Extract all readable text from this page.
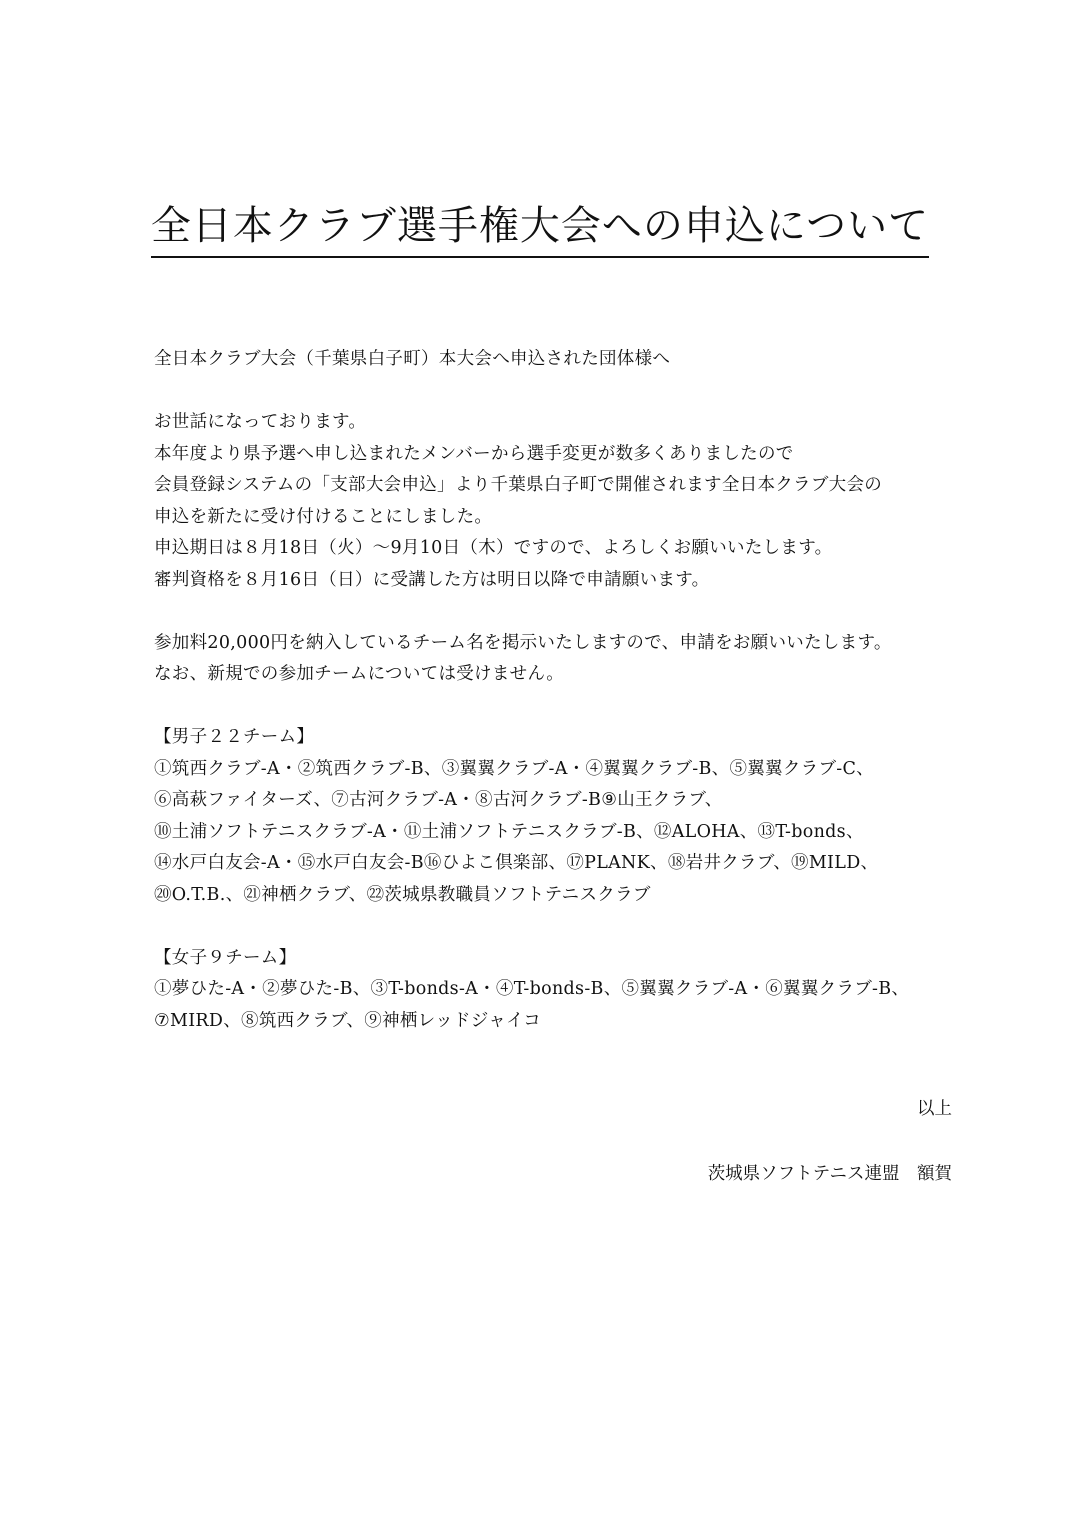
全日本クラブ選手権大会への申込について

全日本クラブ大会（千葉県白子町）本大会へ申込された団体様へ

お世話になっております。

本年度より県予選へ申し込まれたメンバーから選手変更が数多くありましたので

会員登録システムの「支部大会申込」より千葉県白子町で開催されます全日本クラブ大会の

申込を新たに受け付けることにしました。

申込期日は８月18日（火）～9月10日（木）ですので、よろしくお願いいたします。

審判資格を８月16日（日）に受講した方は明日以降で申請願います。

参加料20,000円を納入しているチーム名を掲示いたしますので、申請をお願いいたします。

なお、新規での参加チームについては受けません。

【男子２２チーム】

①筑西クラブ-A・②筑西クラブ-B、③翼翼クラブ-A・④翼翼クラブ-B、⑤翼翼クラブ-C、

⑥高萩ファイターズ、⑦古河クラブ-A・⑧古河クラブ-B⑨山王クラブ、

⑩土浦ソフトテニスクラブ-A・⑪土浦ソフトテニスクラブ-B、⑫ALOHA、⑬T-bonds、

⑭水戸白友会-A・⑮水戸白友会-B⑯ひよこ倶楽部、⑰PLANK、⑱岩井クラブ、⑲MILD、

⑳O.T.B.、㉑神栖クラブ、㉒茨城県教職員ソフトテニスクラブ

【女子９チーム】

①夢ひた-A・②夢ひた-B、③T-bonds-A・④T-bonds-B、⑤翼翼クラブ-A・⑥翼翼クラブ-B、

⑦MIRD、⑧筑西クラブ、⑨神栖レッドジャイコ

以上

茨城県ソフトテニス連盟　額賀
